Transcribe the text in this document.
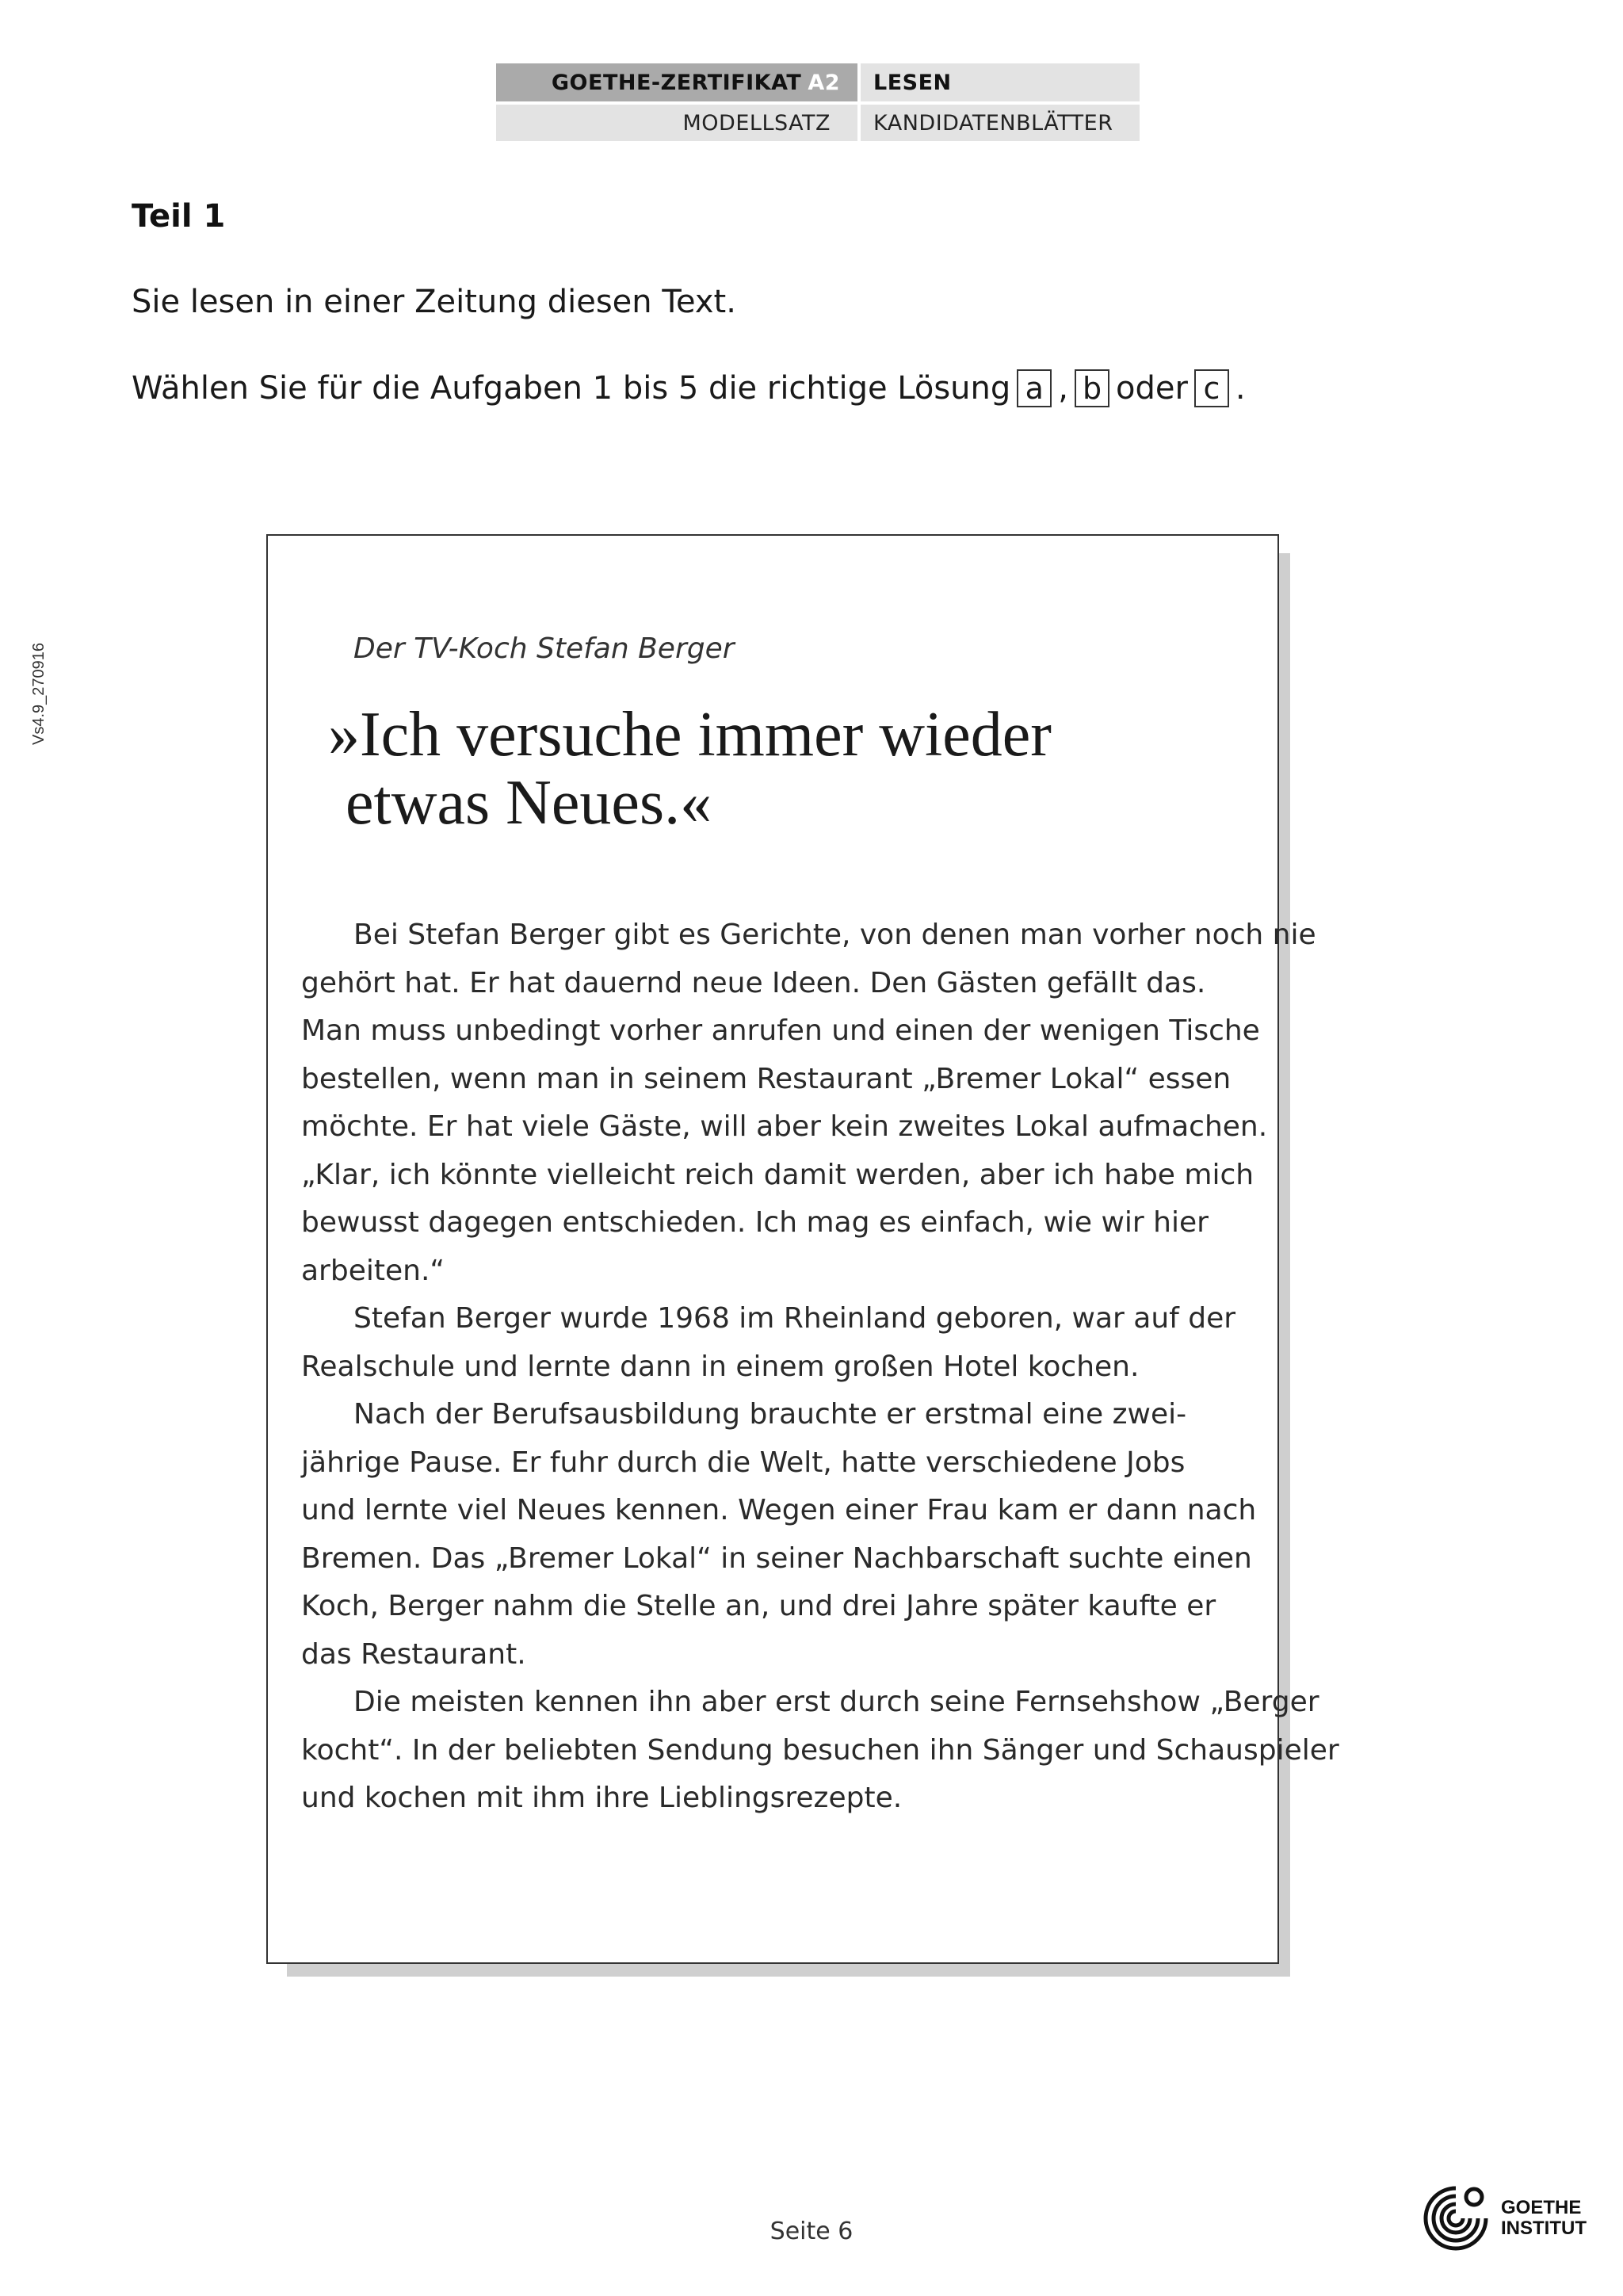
GOETHE-ZERTIFIKAT A2	LESEN
MODELLSATZ	KANDIDATENBLÄTTER
Teil 1
Sie lesen in einer Zeitung diesen Text.
Wählen Sie für die Aufgaben 1 bis 5 die richtige Lösung a , b oder c .
Vs4.9_270916	Der TV-Koch Stefan Berger
»Ich versuche immer wieder
etwas Neues.«
Bei Stefan Berger gibt es Gerichte, von denen man vorher noch nie
gehört hat. Er hat dauernd neue Ideen. Den Gästen gefällt das.
Man muss unbedingt vorher anrufen und einen der wenigen Tische
bestellen, wenn man in seinem Restaurant „Bremer Lokal“ essen
möchte. Er hat viele Gäste, will aber kein zweites Lokal aufmachen.
„Klar, ich könnte vielleicht reich damit werden, aber ich habe mich
bewusst dagegen entschieden. Ich mag es einfach, wie wir hier
arbeiten.“
Stefan Berger wurde 1968 im Rheinland geboren, war auf der
Realschule und lernte dann in einem großen Hotel kochen.
Nach der Berufsausbildung brauchte er erstmal eine zwei-
jährige Pause. Er fuhr durch die Welt, hatte verschiedene Jobs
und lernte viel Neues kennen. Wegen einer Frau kam er dann nach
Bremen. Das „Bremer Lokal“ in seiner Nachbarschaft suchte einen
Koch, Berger nahm die Stelle an, und drei Jahre später kaufte er
das Restaurant.
Die meisten kennen ihn aber erst durch seine Fernsehshow „Berger
kocht“. In der beliebten Sendung besuchen ihn Sänger und Schauspieler
und kochen mit ihm ihre Lieblingsrezepte.
Seite 6
GOETHE
INSTITUT
